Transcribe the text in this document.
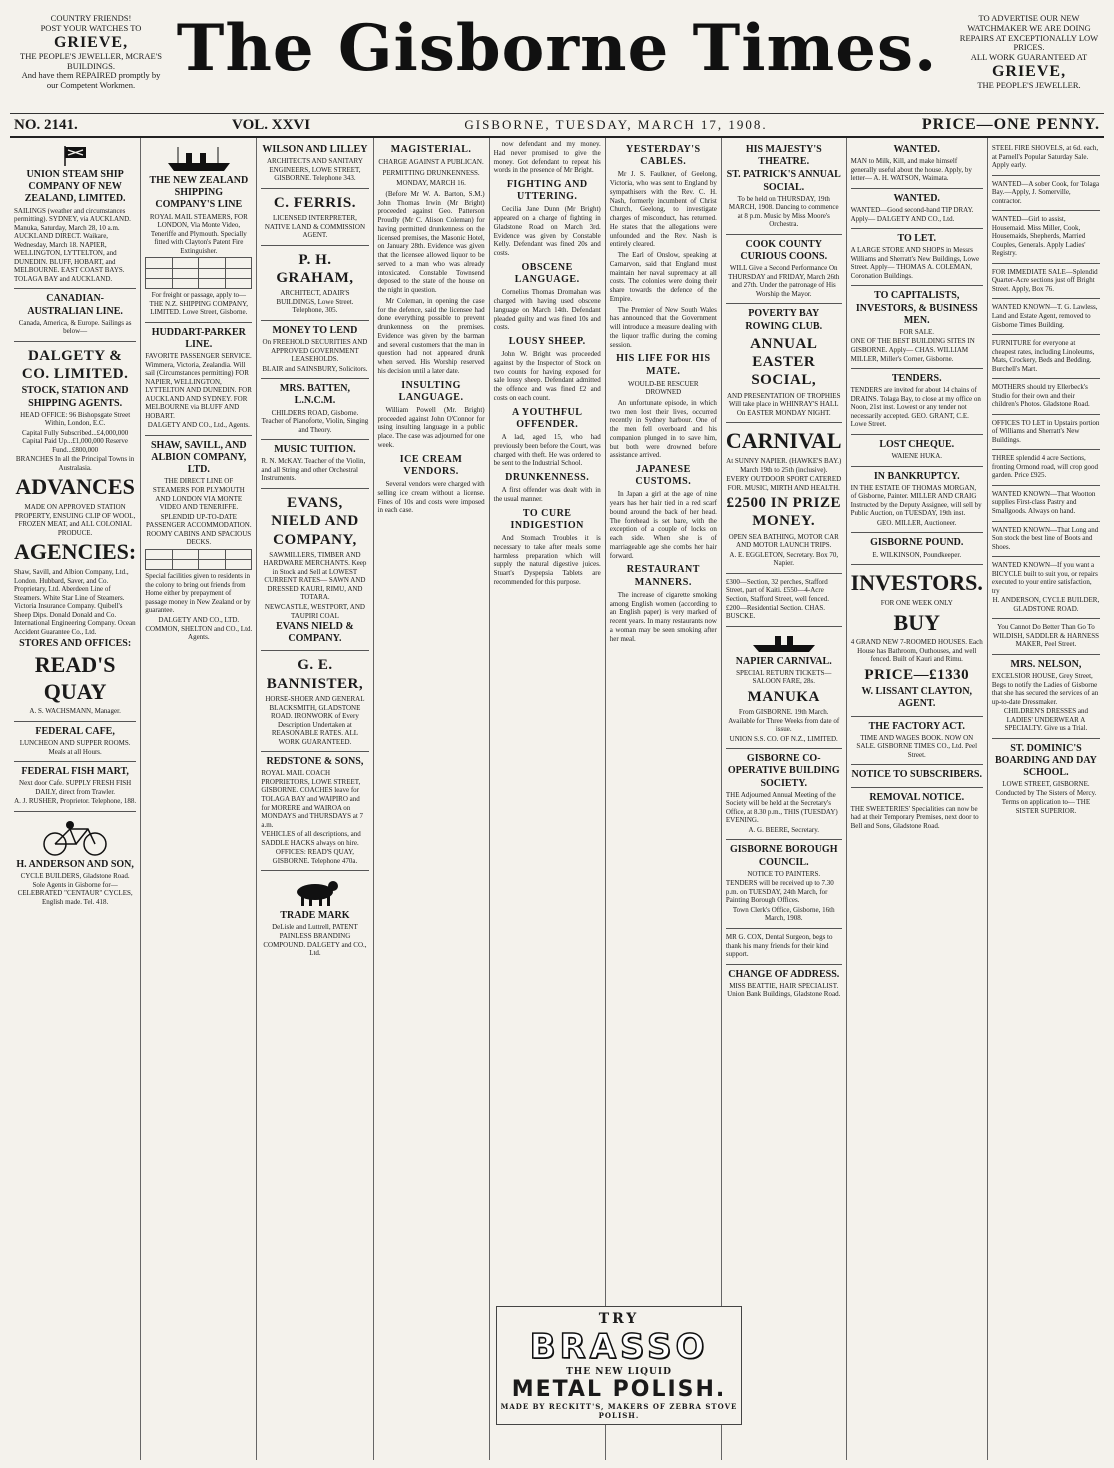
COUNTRY FRIENDS!
POST YOUR WATCHES TO
GRIEVE,
THE PEOPLE'S JEWELLER, MCRAE'S BUILDINGS.
And have them REPAIRED promptly by our Competent Workmen. The Gisborne Times.	TO ADVERTISE OUR NEW WATCHMAKER WE ARE DOING REPAIRS AT EXCEPTIONALLY LOW PRICES.
ALL WORK GUARANTEED AT
GRIEVE,
THE PEOPLE'S JEWELLER.
NO. 2141.	VOL. XXVI	GISBORNE, TUESDAY, MARCH 17, 1908.	PRICE—ONE PENNY.
UNION STEAM SHIP COMPANY OF NEW ZEALAND, LIMITED.

SAILINGS (weather and circumstances permitting). SYDNEY, via AUCKLAND. Manuka, Saturday, March 28, 10 a.m. AUCKLAND DIRECT. Waikare, Wednesday, March 18. NAPIER, WELLINGTON, LYTTELTON, and DUNEDIN. BLUFF, HOBART, and MELBOURNE. EAST COAST BAYS. TOLAGA BAY and AUCKLAND.

CANADIAN-AUSTRALIAN LINE.

Canada, America, & Europe. Sailings as below—

DALGETY & CO. LIMITED.
STOCK, STATION AND SHIPPING AGENTS.

HEAD OFFICE: 96 Bishopsgate Street Within, London, E.C.

Capital Fully Subscribed...£4,000,000 Capital Paid Up...£1,000,000 Reserve Fund...£800,000

BRANCHES In all the Principal Towns in Australasia.

ADVANCES

MADE ON APPROVED STATION PROPERTY, ENSUING CLIP OF WOOL, FROZEN MEAT, and ALL COLONIAL PRODUCE.

AGENCIES:

Shaw, Savill, and Albion Company, Ltd., London. Hubbard, Saver, and Co. Proprietary, Ltd. Aberdeen Line of Steamers. White Star Line of Steamers. Victoria Insurance Company. Quibell's Sheep Dips. Donald Donald and Co. International Engineering Company. Ocean Accident Guarantee Co., Ltd.

STORES AND OFFICES:
READ'S QUAY

A. S. WACHSMANN, Manager.

FEDERAL CAFE,

LUNCHEON AND SUPPER ROOMS. Meals at all Hours.

FEDERAL FISH MART,

Next door Cafe. SUPPLY FRESH FISH DAILY, direct from Trawler.

A. J. RUSHER, Proprietor. Telephone, 188.

H. ANDERSON AND SON,

CYCLE BUILDERS, Gladstone Road. Sole Agents in Gisborne for— CELEBRATED "CENTAUR" CYCLES, English made. Tel. 418.

THE NEW ZEALAND SHIPPING COMPANY'S LINE

ROYAL MAIL STEAMERS, FOR LONDON, Via Monte Video, Teneriffe and Plymouth. Specially fitted with Clayton's Patent Fire Extinguisher.

For freight or passage, apply to— THE N.Z. SHIPPING COMPANY, LIMITED. Lowe Street, Gisborne.

HUDDART-PARKER LINE.

FAVORITE PASSENGER SERVICE. Wimmera, Victoria, Zealandia. Will sail (Circumstances permitting) FOR NAPIER, WELLINGTON, LYTTELTON AND DUNEDIN. FOR AUCKLAND AND SYDNEY. FOR MELBOURNE via BLUFF AND HOBART.

DALGETY AND CO., Ltd., Agents.

SHAW, SAVILL, AND ALBION COMPANY, LTD.

THE DIRECT LINE OF STEAMERS FOR PLYMOUTH AND LONDON VIA MONTE VIDEO AND TENERIFFE.

SPLENDID UP-TO-DATE PASSENGER ACCOMMODATION. ROOMY CABINS AND SPACIOUS DECKS.

Special facilities given to residents in the colony to bring out friends from Home either by prepayment of passage money in New Zealand or by guarantee.

DALGETY AND CO., LTD. COMMON, SHELTON and CO., Ltd. Agents.

WILSON AND LILLEY

ARCHITECTS AND SANITARY ENGINEERS, LOWE STREET, GISBORNE. Telephone 343.

C. FERRIS.

LICENSED INTERPRETER, NATIVE LAND & COMMISSION AGENT.

P. H. GRAHAM,

ARCHITECT, ADAIR'S BUILDINGS, Lowe Street. Telephone, 305.

MONEY TO LEND

On FREEHOLD SECURITIES AND APPROVED GOVERNMENT LEASEHOLDS.

BLAIR and SAINSBURY, Solicitors.

MRS. BATTEN, L.N.C.M.

CHILDERS ROAD, Gisborne. Teacher of Pianoforte, Violin, Singing and Theory.

MUSIC TUITION.

R. N. McKAY. Teacher of the Violin, and all String and other Orchestral Instruments.

EVANS, NIELD AND COMPANY,

SAWMILLERS, TIMBER AND HARDWARE MERCHANTS. Keep in Stock and Sell at LOWEST CURRENT RATES— SAWN AND DRESSED KAURI, RIMU, AND TOTARA.

NEWCASTLE, WESTPORT, AND TAUPIRI COAL

EVANS NIELD & COMPANY.
G. E. BANNISTER,

HORSE-SHOER AND GENERAL BLACKSMITH, GLADSTONE ROAD. IRONWORK of Every Description Undertaken at REASONABLE RATES. ALL WORK GUARANTEED.

REDSTONE & SONS,

ROYAL MAIL COACH PROPRIETORS, LOWE STREET, GISBORNE. COACHES leave for TOLAGA BAY and WAIPIRO and for MORERE and WAIROA on MONDAYS and THURSDAYS at 7 a.m.

VEHICLES of all descriptions, and SADDLE HACKS always on hire.

OFFICES: READ'S QUAY, GISBORNE. Telephone 470a.

TRADE MARK

DeLisle and Luttrell, PATENT PAINLESS BRANDING COMPOUND. DALGETY and CO., Ltd.

MAGISTERIAL.
CHARGE AGAINST A PUBLICAN.
PERMITTING DRUNKENNESS.
MONDAY, MARCH 16.

(Before Mr W. A. Barton, S.M.) John Thomas Irwin (Mr Bright) proceeded against Geo. Patterson Proudly (Mr C. Alison Coleman) for having permitted drunkenness on the licensed premises, the Masonic Hotel, on January 28th. Evidence was given that the licensee allowed liquor to be served to a man who was already intoxicated. Constable Townsend deposed to the state of the house on the night in question.

Mr Coleman, in opening the case for the defence, said the licensee had done everything possible to prevent drunkenness on the premises. Evidence was given by the barman and several customers that the man in question had not appeared drunk when served. His Worship reserved his decision until a later date.

INSULTING LANGUAGE.

William Powell (Mr. Bright) proceeded against John O'Connor for using insulting language in a public place. The case was adjourned for one week.

ICE CREAM VENDORS.

Several vendors were charged with selling ice cream without a license. Fines of 10s and costs were imposed in each case.

now defendant and my money. Had never promised to give the money. Got defendant to repeat his words in the presence of Mr Bright.

FIGHTING AND UTTERING.

Cecilia Jane Dunn (Mr Bright) appeared on a charge of fighting in Gladstone Road on March 3rd. Evidence was given by Constable Kelly. Defendant was fined 20s and costs.

OBSCENE LANGUAGE.

Cornelius Thomas Dromahan was charged with having used obscene language on March 14th. Defendant pleaded guilty and was fined 10s and costs.

LOUSY SHEEP.

John W. Bright was proceeded against by the Inspector of Stock on two counts for having exposed for sale lousy sheep. Defendant admitted the offence and was fined £2 and costs on each count.

A YOUTHFUL OFFENDER.

A lad, aged 15, who had previously been before the Court, was charged with theft. He was ordered to be sent to the Industrial School.

DRUNKENNESS.

A first offender was dealt with in the usual manner.

TO CURE INDIGESTION

And Stomach Troubles it is necessary to take after meals some harmless preparation which will supply the natural digestive juices. Stuart's Dyspepsia Tablets are recommended for this purpose.

YESTERDAY'S CABLES.

Mr J. S. Faulkner, of Geelong, Victoria, who was sent to England by sympathisers with the Rev. C. H. Nash, formerly incumbent of Christ Church, Geelong, to investigate charges of misconduct, has returned. He states that the allegations were unfounded and the Rev. Nash is entirely cleared.

The Earl of Onslow, speaking at Carnarvon, said that England must maintain her naval supremacy at all costs. The colonies were doing their share towards the defence of the Empire.

The Premier of New South Wales has announced that the Government will introduce a measure dealing with the liquor traffic during the coming session.

HIS LIFE FOR HIS MATE.
WOULD-BE RESCUER DROWNED

An unfortunate episode, in which two men lost their lives, occurred recently in Sydney harbour. One of the men fell overboard and his companion plunged in to save him, but both were drowned before assistance arrived.

JAPANESE CUSTOMS.

In Japan a girl at the age of nine years has her hair tied in a red scarf bound around the back of her head. The forehead is set bare, with the exception of a couple of locks on each side. When she is of marriageable age she combs her hair forward.

RESTAURANT MANNERS.

The increase of cigarette smoking among English women (according to an English paper) is very marked of recent years. In many restaurants now a woman may be seen smoking after her meal.

HIS MAJESTY'S THEATRE.
ST. PATRICK'S ANNUAL SOCIAL.

To be held on THURSDAY, 19th MARCH, 1908. Dancing to commence at 8 p.m. Music by Miss Moore's Orchestra.

COOK COUNTY CURIOUS COONS.

WILL Give a Second Performance On THURSDAY and FRIDAY, March 26th and 27th. Under the patronage of His Worship the Mayor.

POVERTY BAY ROWING CLUB.
ANNUAL EASTER SOCIAL,

AND PRESENTATION OF TROPHIES Will take place in WHINRAY'S HALL On EASTER MONDAY NIGHT.

CARNIVAL

At SUNNY NAPIER. (HAWKE'S BAY.) March 19th to 25th (inclusive).

EVERY OUTDOOR SPORT CATERED FOR. MUSIC, MIRTH AND HEALTH.

£2500 IN PRIZE MONEY.

OPEN SEA BATHING, MOTOR CAR AND MOTOR LAUNCH TRIPS.

A. E. EGGLETON, Secretary. Box 70, Napier.

£300—Section, 32 perches, Stafford Street, part of Kaiti. £550—4-Acre Section, Stafford Street, well fenced. £200—Residential Section. CHAS. BUSCKE.

NAPIER CARNIVAL.

SPECIAL RETURN TICKETS— SALOON FARE, 28s.

MANUKA

From GISBORNE. 19th March. Available for Three Weeks from date of issue.

UNION S.S. CO. OF N.Z., LIMITED.

GISBORNE CO-OPERATIVE BUILDING SOCIETY.

THE Adjourned Annual Meeting of the Society will be held at the Secretary's Office, at 8.30 p.m., THIS (TUESDAY) EVENING.

A. G. BEERE, Secretary.

GISBORNE BOROUGH COUNCIL.

NOTICE TO PAINTERS.

TENDERS will be received up to 7.30 p.m. on TUESDAY, 24th March, for Painting Borough Offices.

Town Clerk's Office, Gisborne, 16th March, 1908.

MR G. COX, Dental Surgeon, begs to thank his many friends for their kind support.

CHANGE OF ADDRESS.

MISS BEATTIE, HAIR SPECIALIST. Union Bank Buildings, Gladstone Road.

WANTED.

MAN to Milk, Kill, and make himself generally useful about the house. Apply, by letter— A. H. WATSON, Waimata.

WANTED.

WANTED—Good second-hand TIP DRAY. Apply— DALGETY AND CO., Ltd.

TO LET.

A LARGE STORE AND SHOPS in Messrs Williams and Sherratt's New Buildings, Lowe Street. Apply— THOMAS A. COLEMAN, Coronation Buildings.

TO CAPITALISTS, INVESTORS, & BUSINESS MEN.

FOR SALE.

ONE OF THE BEST BUILDING SITES IN GISBORNE. Apply— CHAS. WILLIAM MILLER, Miller's Corner, Gisborne.

TENDERS.

TENDERS are invited for about 14 chains of DRAINS. Tolaga Bay, to close at my office on Noon, 21st inst. Lowest or any tender not necessarily accepted. GEO. GRANT, C.E. Lowe Street.

LOST CHEQUE.

WAIENE HUKA.

IN BANKRUPTCY.

IN THE ESTATE OF THOMAS MORGAN, of Gisborne, Painter. MILLER AND CRAIG Instructed by the Deputy Assignee, will sell by Public Auction, on TUESDAY, 19th inst.

GEO. MILLER, Auctioneer.

GISBORNE POUND.

E. WILKINSON, Poundkeeper.

INVESTORS.

FOR ONE WEEK ONLY

BUY

4 GRAND NEW 7-ROOMED HOUSES. Each House has Bathroom, Outhouses, and well fenced. Built of Kauri and Rimu.

PRICE—£1330
W. LISSANT CLAYTON, AGENT.
THE FACTORY ACT.

TIME AND WAGES BOOK. NOW ON SALE. GISBORNE TIMES CO., Ltd. Peel Street.

NOTICE TO SUBSCRIBERS.
REMOVAL NOTICE.

THE SWEETERIES' Specialities can now be had at their Temporary Premises, next door to Bell and Sons, Gladstone Road.

STEEL FIRE SHOVELS, at 6d. each, at Parnell's Popular Saturday Sale. Apply early.

WANTED—A sober Cook, for Tolaga Bay.—Apply, J. Somerville, contractor.

WANTED—Girl to assist, Housemaid. Miss Miller, Cook, Housemaids, Shepherds, Married Couples, Generals. Apply Ladies' Registry.

FOR IMMEDIATE SALE—Splendid Quarter-Acre sections just off Bright Street. Apply, Box 76.

WANTED KNOWN—T. G. Lawless, Land and Estate Agent, removed to Gisborne Times Building.

FURNITURE for everyone at cheapest rates, including Linoleums, Mats, Crockery, Beds and Bedding. Burchell's Mart.

MOTHERS should try Ellerbeck's Studio for their own and their children's Photos. Gladstone Road.

OFFICES TO LET in Upstairs portion of Williams and Sherratt's New Buildings.

THREE splendid 4 acre Sections, fronting Ormond road, will crop good garden. Price £925.

WANTED KNOWN—That Wootton supplies First-class Pastry and Smallgoods. Always on hand.

WANTED KNOWN—That Long and Son stock the best line of Boots and Shoes.

WANTED KNOWN—If you want a BICYCLE built to suit you, or repairs executed to your entire satisfaction, try

H. ANDERSON, CYCLE BUILDER, GLADSTONE ROAD.

You Cannot Do Better Than Go To WILDISH, SADDLER & HARNESS MAKER, Peel Street.

MRS. NELSON,

EXCELSIOR HOUSE, Grey Street, Begs to notify the Ladies of Gisborne that she has secured the services of an up-to-date Dressmaker.

CHILDREN'S DRESSES and LADIES' UNDERWEAR A SPECIALTY. Give us a Trial.

ST. DOMINIC'S BOARDING AND DAY SCHOOL.

LOWE STREET, GISBORNE. Conducted by The Sisters of Mercy.

Terms on application to— THE SISTER SUPERIOR.

TRY
BRASSO
THE NEW LIQUID
METAL POLISH.
MADE BY RECKITT'S, MAKERS OF ZEBRA STOVE POLISH.
